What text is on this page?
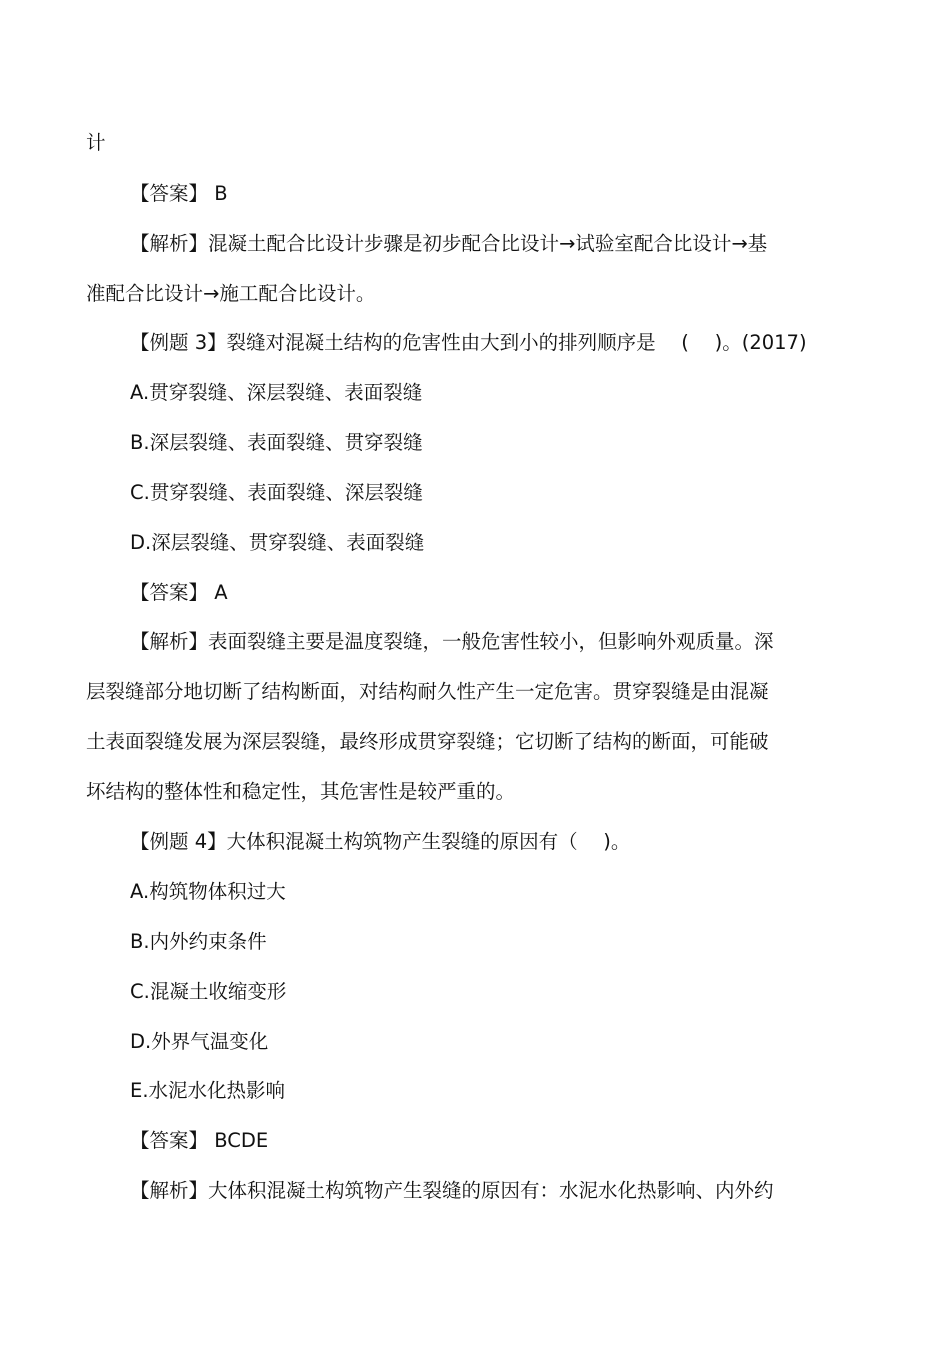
计
【答案】 B
【解析】混凝土配合比设计步骤是初步配合比设计→试验室配合比设计→基
准配合比设计→施工配合比设计。
【例题 3】裂缝对混凝土结构的危害性由大到小的排列顺序是　 (　 )。(2017)
A.贯穿裂缝、深层裂缝、表面裂缝
B.深层裂缝、表面裂缝、贯穿裂缝
C.贯穿裂缝、表面裂缝、深层裂缝
D.深层裂缝、贯穿裂缝、表面裂缝
【答案】 A
【解析】表面裂缝主要是温度裂缝，一般危害性较小，但影响外观质量。深
层裂缝部分地切断了结构断面，对结构耐久性产生一定危害。贯穿裂缝是由混凝
土表面裂缝发展为深层裂缝，最终形成贯穿裂缝；它切断了结构的断面，可能破
坏结构的整体性和稳定性，其危害性是较严重的。
【例题 4】大体积混凝土构筑物产生裂缝的原因有（　 )。
A.构筑物体积过大
B.内外约束条件
C.混凝土收缩变形
D.外界气温变化
E.水泥水化热影响
【答案】 BCDE
【解析】大体积混凝土构筑物产生裂缝的原因有：水泥水化热影响、内外约
